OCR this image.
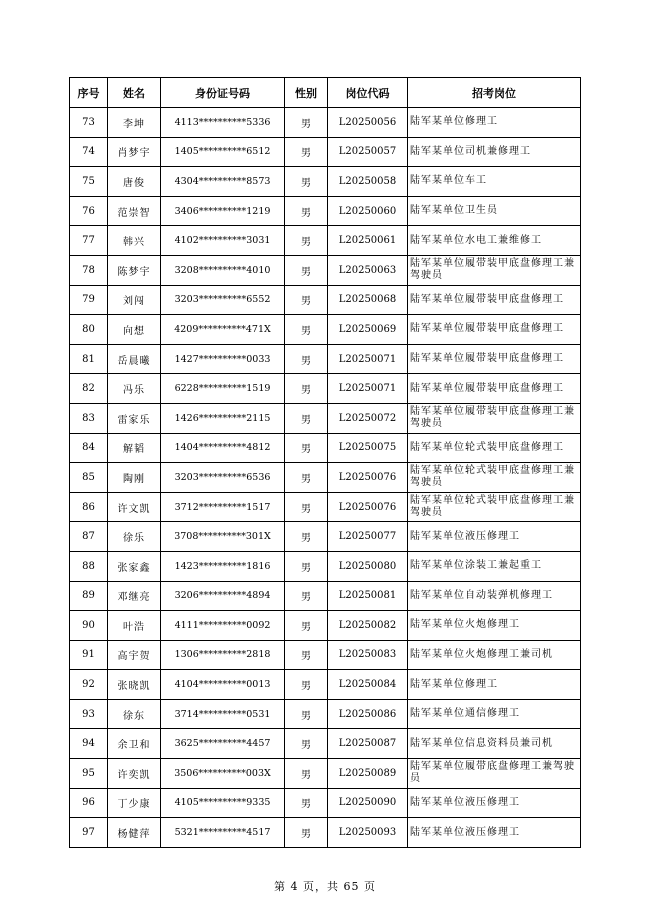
序号	姓名	身份证号码	性别	岗位代码	招考岗位
73	李坤	4113**********5336	男	L20250056	陆军某单位修理工
74	肖梦宇	1405**********6512	男	L20250057	陆军某单位司机兼修理工
75	唐俊	4304**********8573	男	L20250058	陆军某单位车工
76	范崇智	3406**********1219	男	L20250060	陆军某单位卫生员
77	韩兴	4102**********3031	男	L20250061	陆军某单位水电工兼维修工
78	陈梦宇	3208**********4010	男	L20250063	陆军某单位履带装甲底盘修理工兼驾驶员
79	刘闯	3203**********6552	男	L20250068	陆军某单位履带装甲底盘修理工
80	向想	4209**********471X	男	L20250069	陆军某单位履带装甲底盘修理工
81	岳晨曦	1427**********0033	男	L20250071	陆军某单位履带装甲底盘修理工
82	冯乐	6228**********1519	男	L20250071	陆军某单位履带装甲底盘修理工
83	雷家乐	1426**********2115	男	L20250072	陆军某单位履带装甲底盘修理工兼驾驶员
84	解韬	1404**********4812	男	L20250075	陆军某单位轮式装甲底盘修理工
85	陶刚	3203**********6536	男	L20250076	陆军某单位轮式装甲底盘修理工兼驾驶员
86	许文凯	3712**********1517	男	L20250076	陆军某单位轮式装甲底盘修理工兼驾驶员
87	徐乐	3708**********301X	男	L20250077	陆军某单位液压修理工
88	张家鑫	1423**********1816	男	L20250080	陆军某单位涂装工兼起重工
89	邓继亮	3206**********4894	男	L20250081	陆军某单位自动装弹机修理工
90	叶浩	4111**********0092	男	L20250082	陆军某单位火炮修理工
91	高宇贺	1306**********2818	男	L20250083	陆军某单位火炮修理工兼司机
92	张晓凯	4104**********0013	男	L20250084	陆军某单位修理工
93	徐东	3714**********0531	男	L20250086	陆军某单位通信修理工
94	余卫和	3625**********4457	男	L20250087	陆军某单位信息资料员兼司机
95	许奕凯	3506**********003X	男	L20250089	陆军某单位履带底盘修理工兼驾驶员
96	丁少康	4105**********9335	男	L20250090	陆军某单位液压修理工
97	杨健萍	5321**********4517	男	L20250093	陆军某单位液压修理工
第 4 页，共 65 页
